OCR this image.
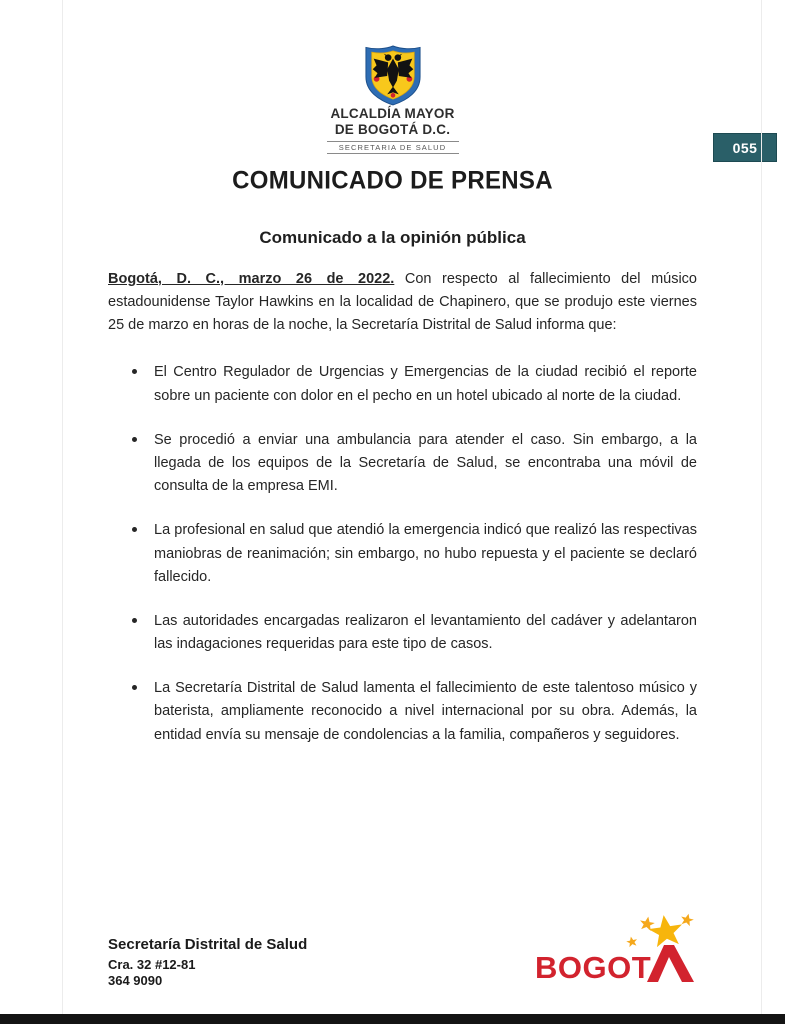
055
ALCALDÍA MAYOR
DE BOGOTÁ D.C.
SECRETARIA DE SALUD
COMUNICADO DE PRENSA
Comunicado a la opinión pública

Bogotá, D. C., marzo 26 de 2022. Con respecto al fallecimiento del músico estadounidense Taylor Hawkins en la localidad de Chapinero, que se produjo este viernes 25 de marzo en horas de la noche, la Secretaría Distrital de Salud informa que:

El Centro Regulador de Urgencias y Emergencias de la ciudad recibió el reporte sobre un paciente con dolor en el pecho en un hotel ubicado al norte de la ciudad.
Se procedió a enviar una ambulancia para atender el caso. Sin embargo, a la llegada de los equipos de la Secretaría de Salud, se encontraba una móvil de consulta de la empresa EMI.
La profesional en salud que atendió la emergencia indicó que realizó las respectivas maniobras de reanimación; sin embargo, no hubo repuesta y el paciente se declaró fallecido.
Las autoridades encargadas realizaron el levantamiento del cadáver y adelantaron las indagaciones requeridas para este tipo de casos.
La Secretaría Distrital de Salud lamenta el fallecimiento de este talentoso músico y baterista, ampliamente reconocido a nivel internacional por su obra. Además, la entidad envía su mensaje de condolencias a la familia, compañeros y seguidores.
Secretaría Distrital de Salud
Cra. 32 #12-81
364 9090	BOGOT
